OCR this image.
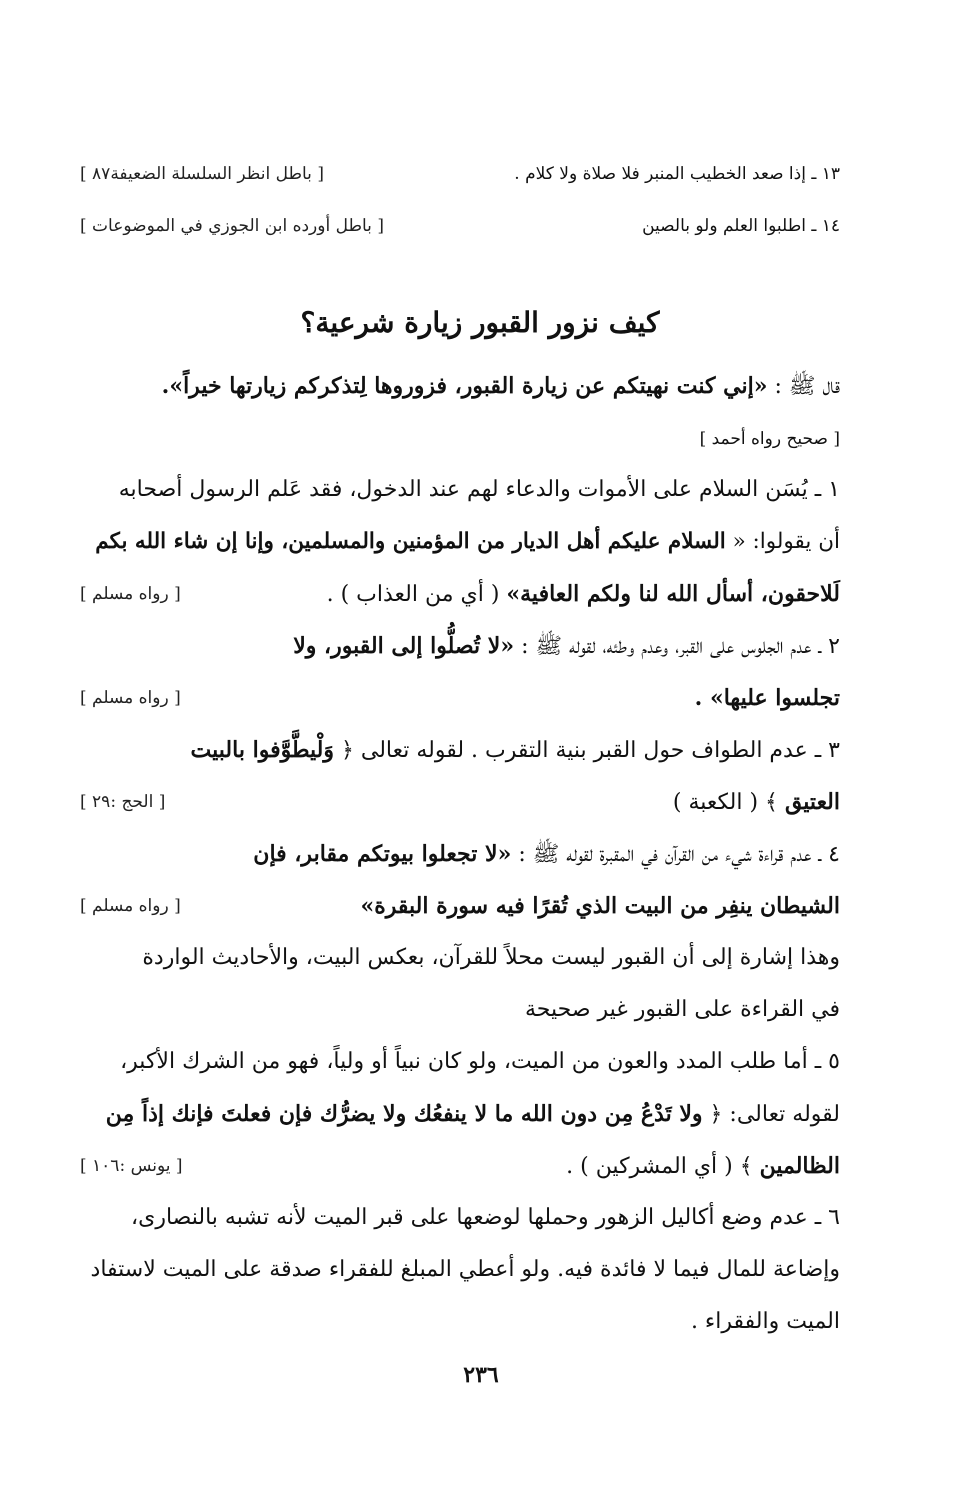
١٣ ـ إذا صعد الخطيب المنبر فلا صلاة ولا كلام .
[ باطل انظر السلسلة الضعيفة٨٧ ]
١٤ ـ اطلبوا العلم ولو بالصين
[ باطل أورده ابن الجوزي في الموضوعات ]
كيف نزور القبور زيارة شرعية؟
قال ﷺ : «إني كنت نهيتكم عن زيارة القبور، فزوروها لِتذكركم زيارتها خيراً».
[ صحيح رواه أحمد ]
١ ـ يُسَن السلام على الأموات والدعاء لهم عند الدخول، فقد عَلم الرسول أصحابه
أن يقولوا: « السلام عليكم أهل الديار من المؤمنين والمسلمين، وإنا إن شاء الله بكم
لَلاحقون، أسأل الله لنا ولكم العافية» ( أي من العذاب ) .
[ رواه مسلم ]
٢ ـ عدم الجلوس على القبر، وعدم وطئه، لقوله ﷺ : «لا تُصلُّوا إلى القبور، ولا
تجلسوا عليها» .
[ رواه مسلم ]
٣ ـ عدم الطواف حول القبر بنية التقرب . لقوله تعالى ﴿ وَلْيطَّوَّفوا بالبيت
العتيق ﴾ ( الكعبة )
[ الحج :٢٩ ]
٤ ـ عدم قراءة شيء من القرآن في المقبرة لقوله ﷺ : «لا تجعلوا بيوتكم مقابر، فإن
الشيطان ينفِر من البيت الذي تُقرًا فيه سورة البقرة»
[ رواه مسلم ]
وهذا إشارة إلى أن القبور ليست محلاً للقرآن، بعكس البيت، والأحاديث الواردة
في القراءة على القبور غير صحيحة
٥ ـ أما طلب المدد والعون من الميت، ولو كان نبياً أو ولياً، فهو من الشرك الأكبر،
لقوله تعالى: ﴿ ولا تَدْعُ مِن دون الله ما لا ينفعُك ولا يضرُّك فإن فعلتَ فإنك إذاً مِن
الظالمين ﴾ ( أي المشركين ) .
[ يونس :١٠٦ ]
٦ ـ عدم وضع أكاليل الزهور وحملها لوضعها على قبر الميت لأنه تشبه بالنصارى،
وإضاعة للمال فيما لا فائدة فيه. ولو أعطي المبلغ للفقراء صدقة على الميت لاستفاد
الميت والفقراء .
٢٣٦
